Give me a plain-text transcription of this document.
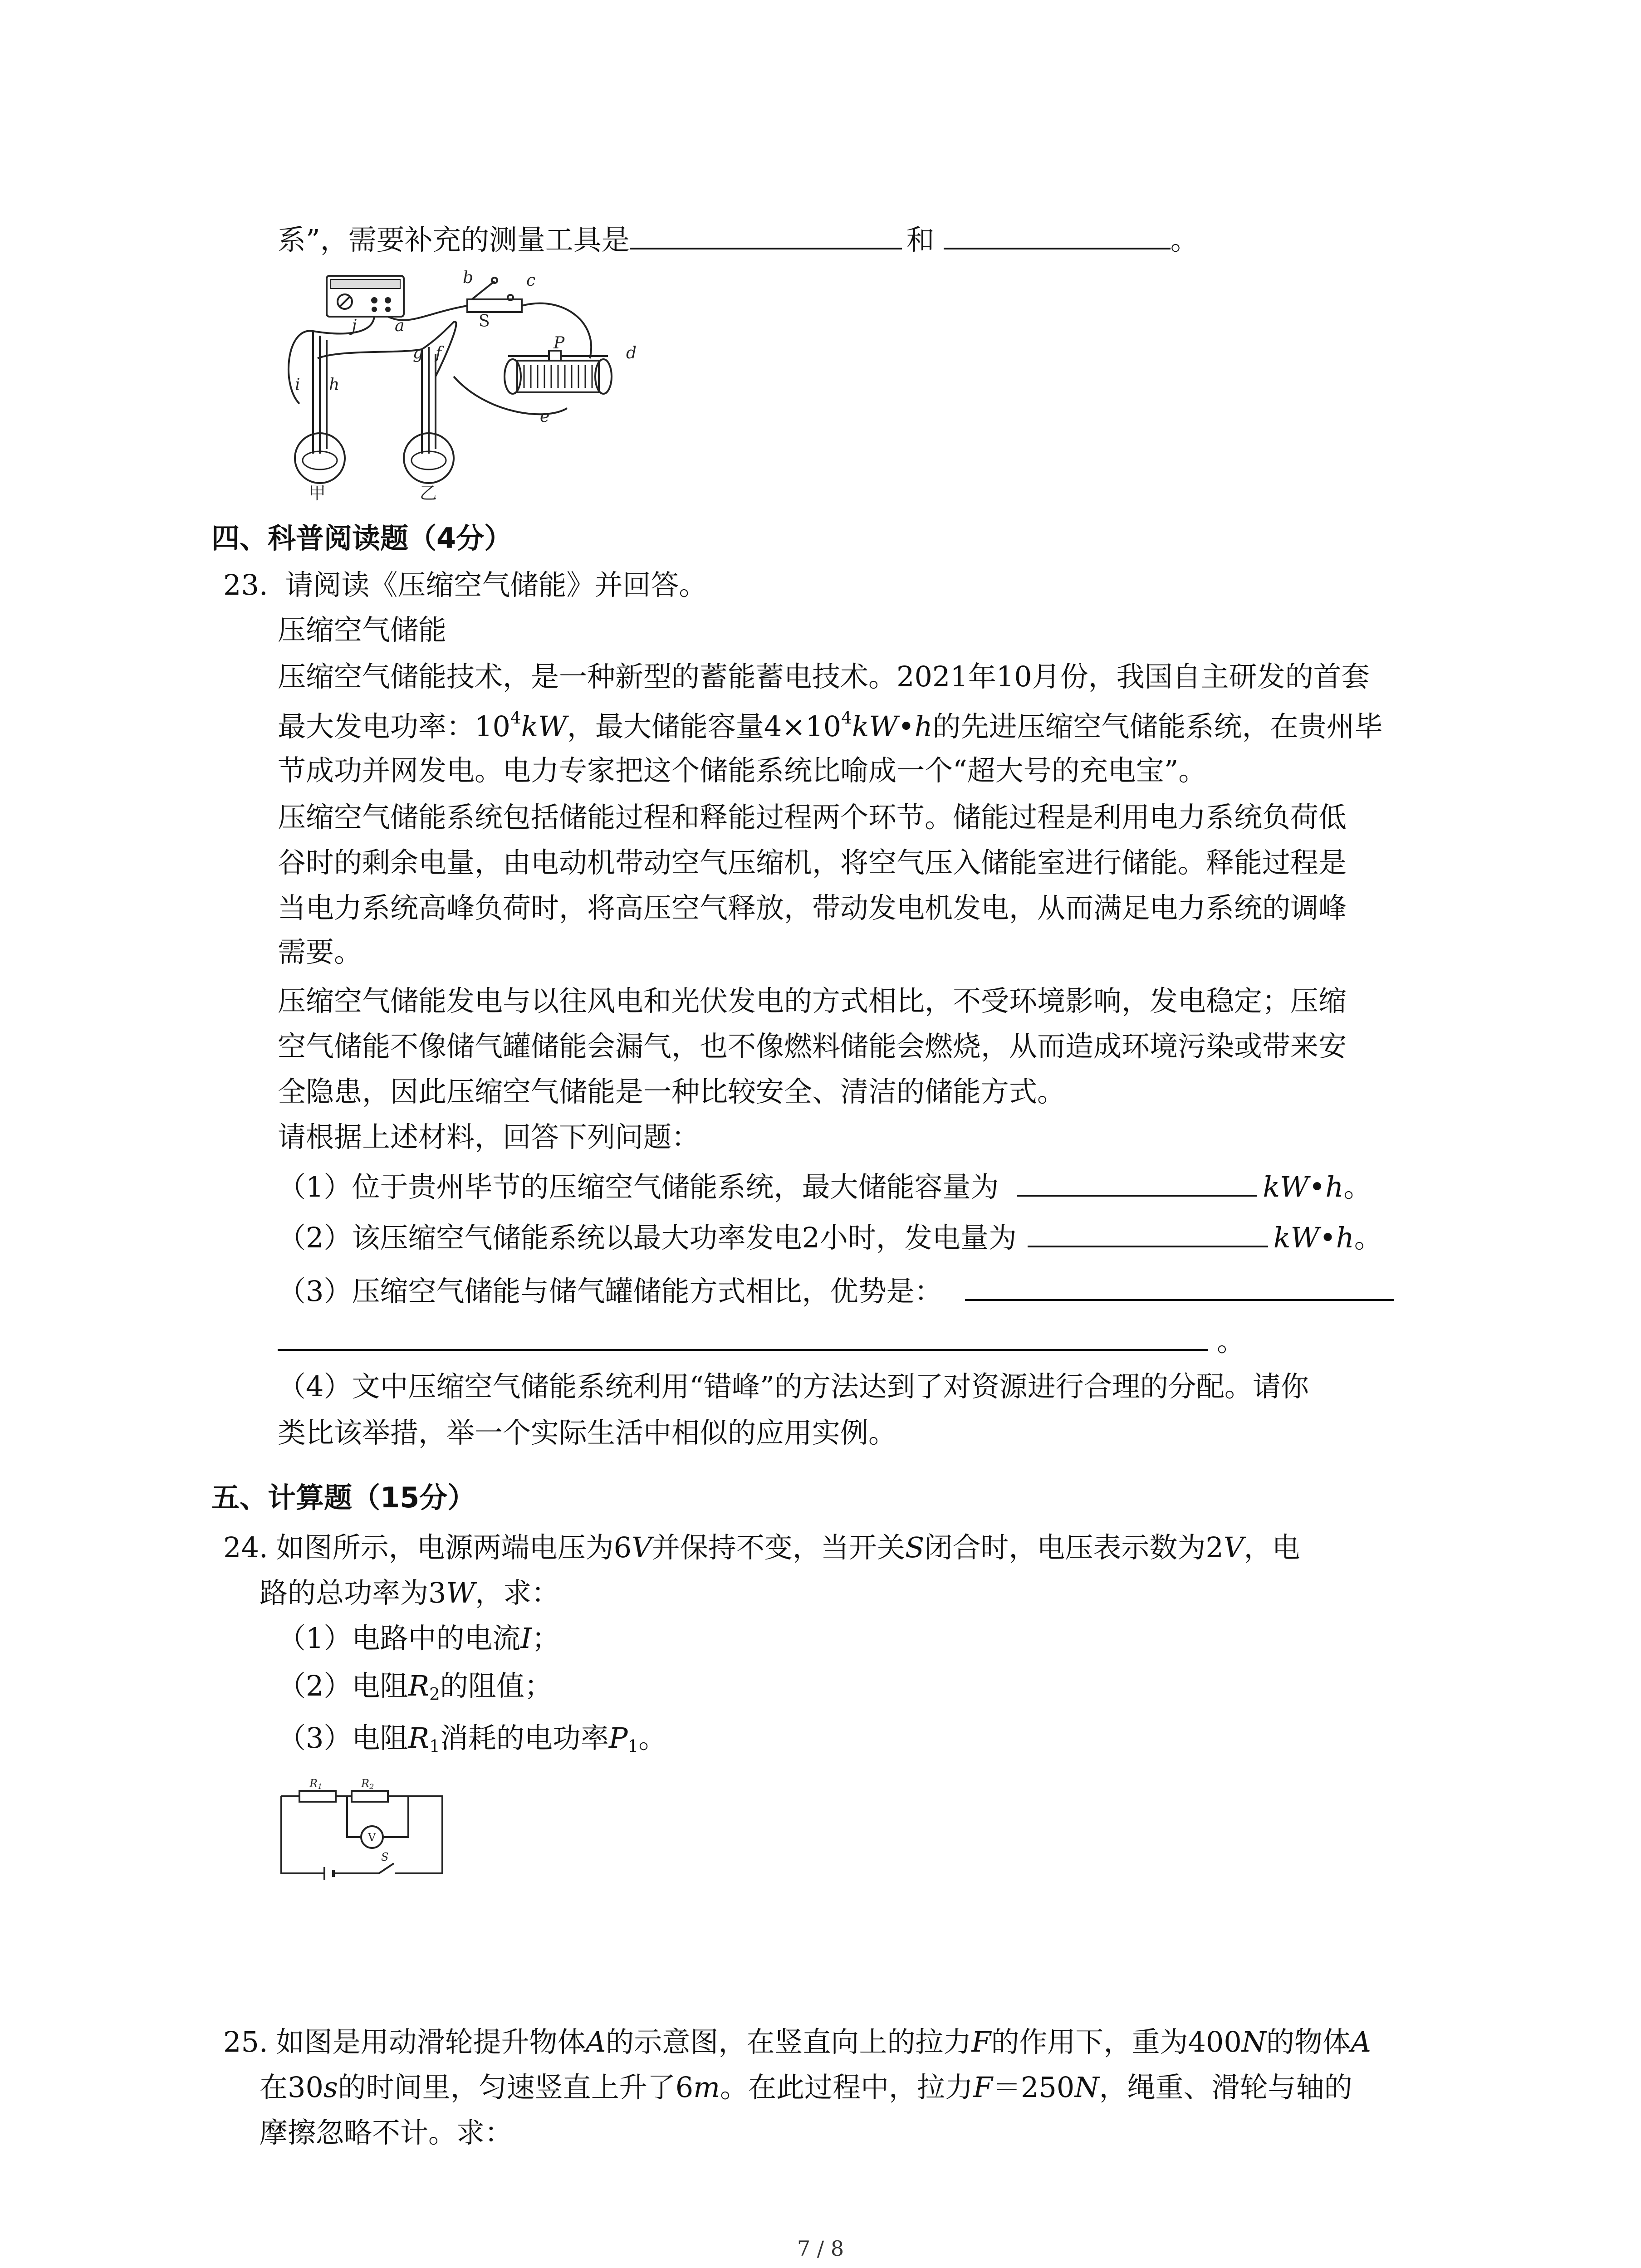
系”，需要补充的测量工具是	和	。
b	c
S
j a
g f
P
d
i h
e
甲	乙
四、科普阅读题（4分）
23. 请阅读《压缩空气储能》并回答。
压缩空气储能
压缩空气储能技术，是一种新型的蓄能蓄电技术。2021年10月份，我国自主研发的首套
最大发电功率：$10^4kW$，最大储能容量$4\times 10^4kW•h$的先进压缩空气储能系统，在贵州毕
节成功并网发电。电力专家把这个储能系统比喻成一个“超大号的充电宝”。
压缩空气储能系统包括储能过程和释能过程两个环节。储能过程是利用电力系统负荷低
谷时的剩余电量，由电动机带动空气压缩机，将空气压入储能室进行储能。释能过程是
当电力系统高峰负荷时，将高压空气释放，带动发电机发电，从而满足电力系统的调峰
需要。
压缩空气储能发电与以往风电和光伏发电的方式相比，不受环境影响，发电稳定；压缩
空气储能不像储气罐储能会漏气，也不像燃料储能会燃烧，从而造成环境污染或带来安
全隐患，因此压缩空气储能是一种比较安全、清洁的储能方式。
请根据上述材料，回答下列问题：
（1）位于贵州毕节的压缩空气储能系统，最大储能容量为	kW•h。
（2）该压缩空气储能系统以最大功率发电2小时，发电量为	kW•h。
（3）压缩空气储能与储气罐储能方式相比，优势是：
。
（4）文中压缩空气储能系统利用“错峰”的方法达到了对资源进行合理的分配。请你
类比该举措，举一个实际生活中相似的应用实例。
五、计算题（15分）
24. 如图所示，电源两端电压为6V并保持不变，当开关S闭合时，电压表示数为2V，电
路的总功率为3W，求：
（1）电路中的电流I；
（2）电阻$R_2$的阻值；
（3）电阻$R_1$消耗的电功率$P_1$。
R1	R2
V
S
25. 如图是用动滑轮提升物体A的示意图，在竖直向上的拉力F的作用下，重为400N的物体A
在30s的时间里，匀速竖直上升了6m。在此过程中，拉力F＝250N，绳重、滑轮与轴的
摩擦忽略不计。求：
7 / 8
